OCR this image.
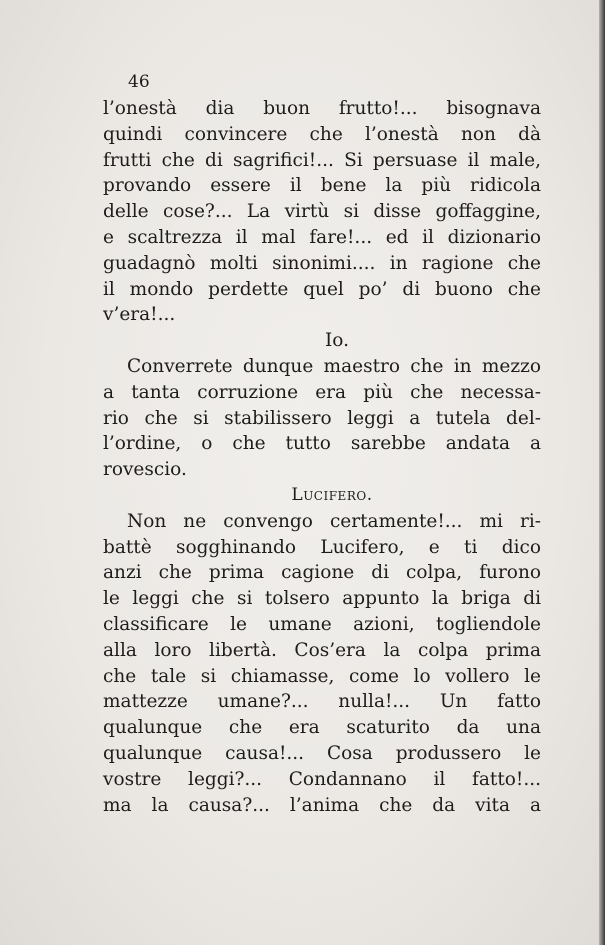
46
l’onestà dia buon frutto!... bisognava
quindi convincere che l’onestà non dà
frutti che di sagrifici!... Si persuase il male,
provando essere il bene la più ridicola
delle cose?... La virtù si disse goffaggine,
e scaltrezza il mal fare!... ed il dizionario
guadagnò molti sinonimi.... in ragione che
il mondo perdette quel po’ di buono che
v’era!...
Io.
Converrete dunque maestro che in mezzo
a tanta corruzione era più che necessa-
rio che si stabilissero leggi a tutela del-
l’ordine, o che tutto sarebbe andata a
rovescio.
Lucifero.
Non ne convengo certamente!... mi ri-
battè sogghinando Lucifero, e ti dico
anzi che prima cagione di colpa, furono
le leggi che si tolsero appunto la briga di
classificare le umane azioni, togliendole
alla loro libertà. Cos’era la colpa prima
che tale si chiamasse, come lo vollero le
mattezze umane?... nulla!... Un fatto
qualunque che era scaturito da una
qualunque causa!... Cosa produssero le
vostre leggi?... Condannano il fatto!...
ma la causa?... l’anima che da vita a
